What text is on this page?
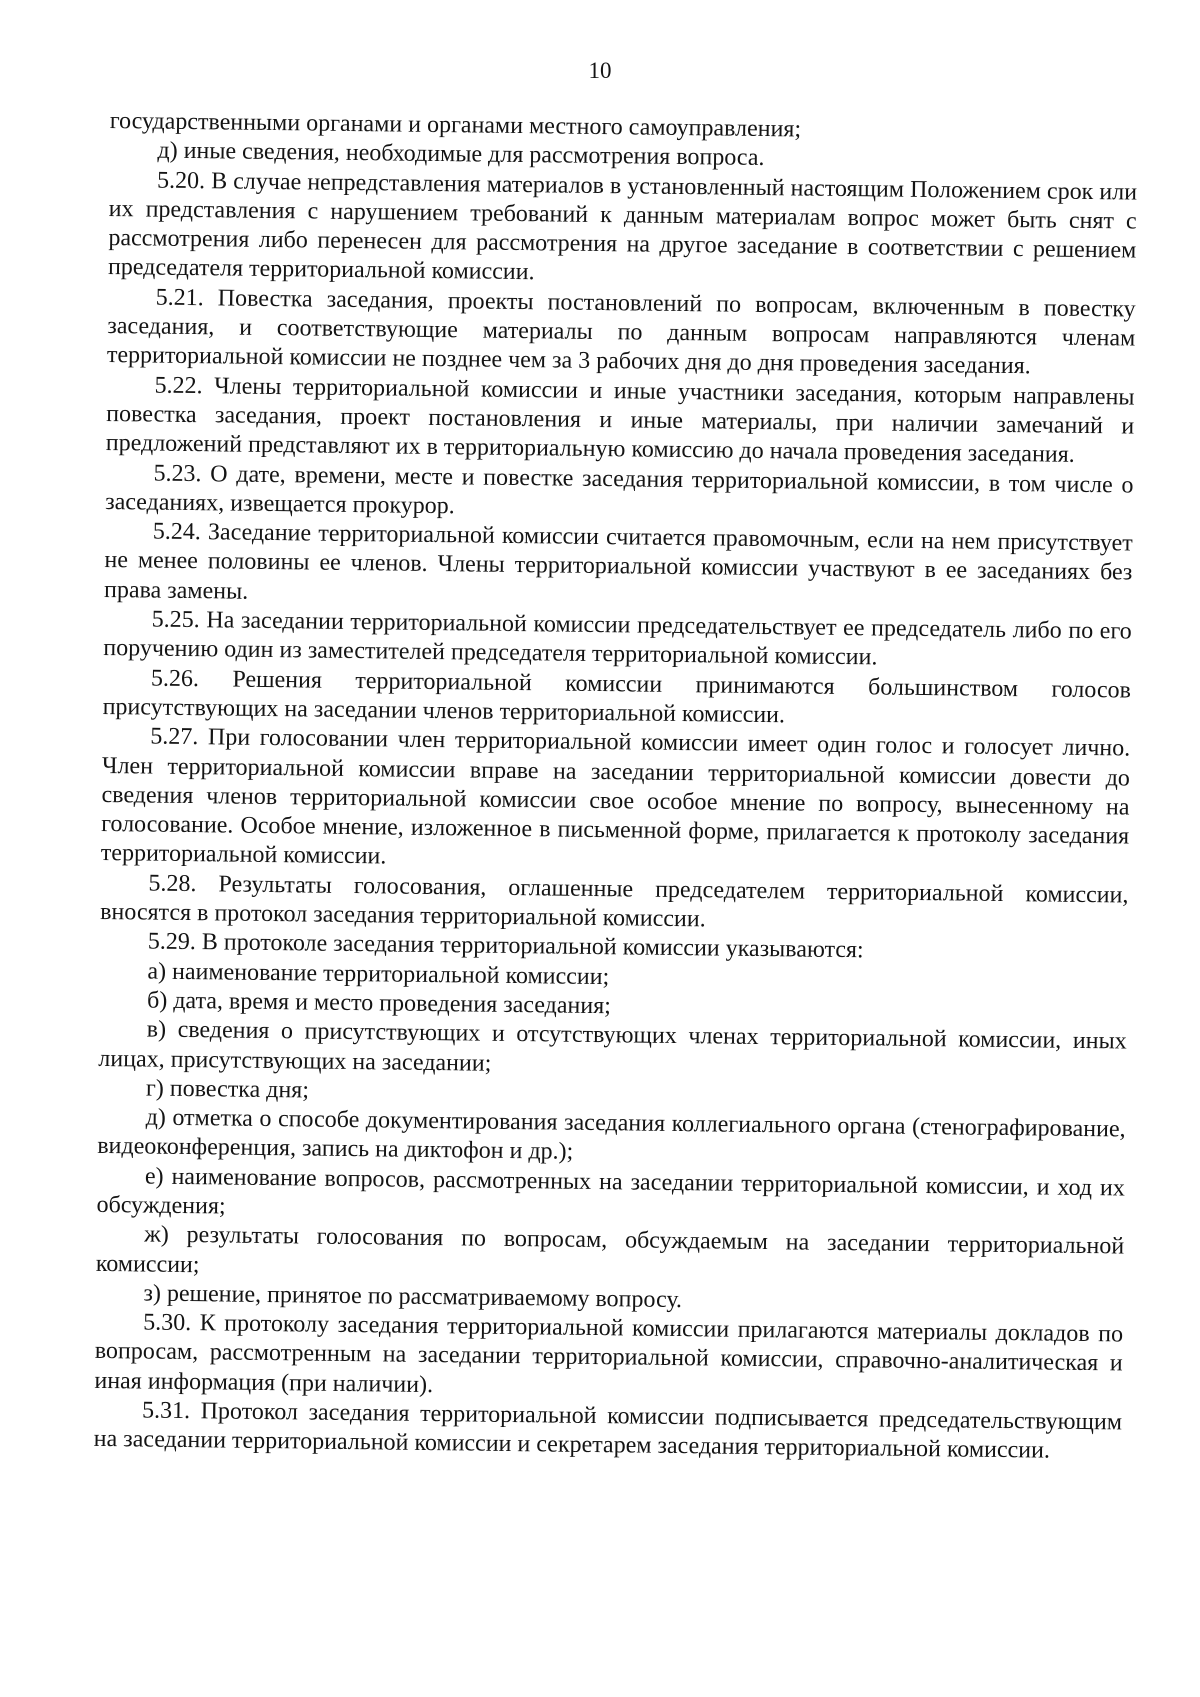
10

государственными органами и органами местного самоуправления;

д) иные сведения, необходимые для рассмотрения вопроса.

5.20. В случае непредставления материалов в установленный настоящим Положением срок или их представления с нарушением требований к данным материалам вопрос может быть снят с рассмотрения либо перенесен для рассмотрения на другое заседание в соответствии с решением председателя территориальной комиссии.

5.21. Повестка заседания, проекты постановлений по вопросам, включенным в повестку заседания, и соответствующие материалы по данным вопросам направляются членам территориальной комиссии не позднее чем за 3 рабочих дня до дня проведения заседания.

5.22. Члены территориальной комиссии и иные участники заседания, которым направлены повестка заседания, проект постановления и иные материалы, при наличии замечаний и предложений представляют их в территориальную комиссию до начала проведения заседания.

5.23. О дате, времени, месте и повестке заседания территориальной комиссии, в том числе о заседаниях, извещается прокурор.

5.24. Заседание территориальной комиссии считается правомочным, если на нем присутствует не менее половины ее членов. Члены территориальной комиссии участвуют в ее заседаниях без права замены.

5.25. На заседании территориальной комиссии председательствует ее председатель либо по его поручению один из заместителей председателя территориальной комиссии.

5.26. Решения территориальной комиссии принимаются большинством голосов присутствующих на заседании членов территориальной комиссии.

5.27. При голосовании член территориальной комиссии имеет один голос и голосует лично. Член территориальной комиссии вправе на заседании территориальной комиссии довести до сведения членов территориальной комиссии свое особое мнение по вопросу, вынесенному на голосование. Особое мнение, изложенное в письменной форме, прилагается к протоколу заседания территориальной комиссии.

5.28. Результаты голосования, оглашенные председателем территориальной комиссии, вносятся в протокол заседания территориальной комиссии.

5.29. В протоколе заседания территориальной комиссии указываются:

а) наименование территориальной комиссии;

б) дата, время и место проведения заседания;

в) сведения о присутствующих и отсутствующих членах территориальной комиссии, иных лицах, присутствующих на заседании;

г) повестка дня;

д) отметка о способе документирования заседания коллегиального органа (стенографирование, видеоконференция, запись на диктофон и др.);

е) наименование вопросов, рассмотренных на заседании территориальной комиссии, и ход их обсуждения;

ж) результаты голосования по вопросам, обсуждаемым на заседании территориальной комиссии;

з) решение, принятое по рассматриваемому вопросу.

5.30. К протоколу заседания территориальной комиссии прилагаются материалы докладов по вопросам, рассмотренным на заседании территориальной комиссии, справочно-аналитическая и иная информация (при наличии).

5.31. Протокол заседания территориальной комиссии подписывается председательствующим на заседании территориальной комиссии и секретарем заседания территориальной комиссии.
